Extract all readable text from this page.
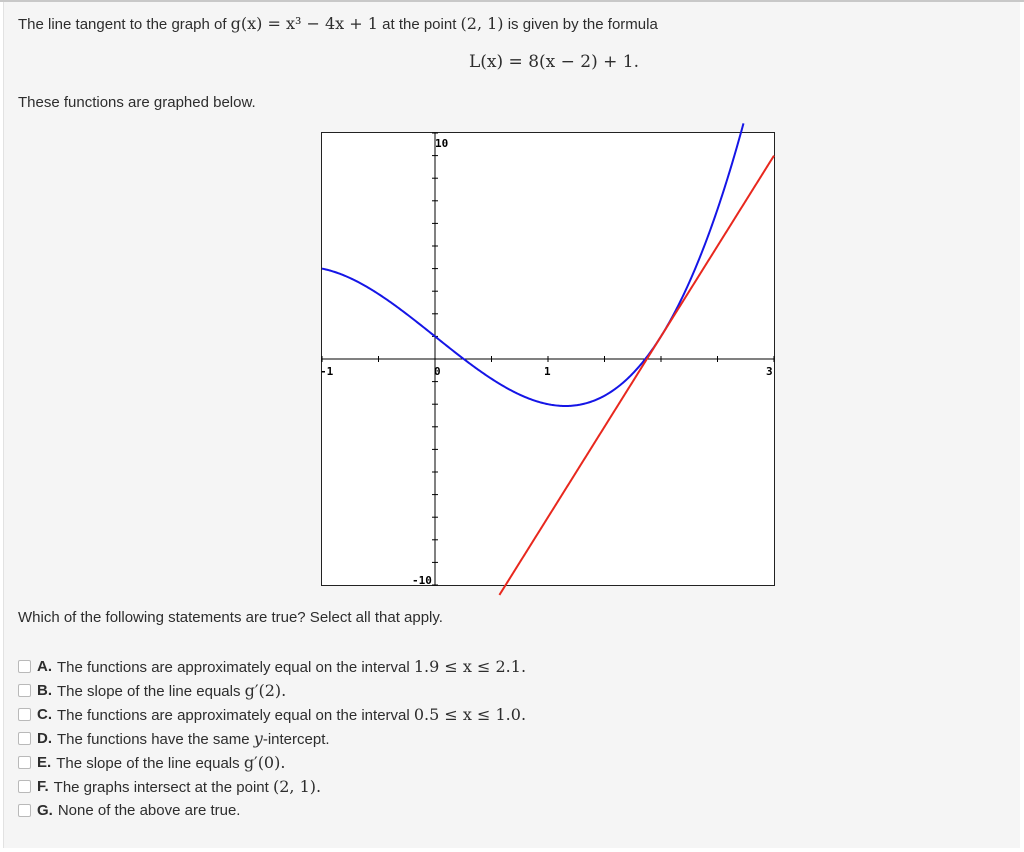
The line tangent to the graph of g(x) = x³ − 4x + 1 at the point (2, 1) is given by the formula
L(x) = 8(x − 2) + 1.
These functions are graphed below.
10
-10
-1	0	1	3
Which of the following statements are true? Select all that apply.
A. The functions are approximately equal on the interval 1.9 ≤ x ≤ 2.1.
B. The slope of the line equals g′(2).
C. The functions are approximately equal on the interval 0.5 ≤ x ≤ 1.0.
D. The functions have the same y-intercept.
E. The slope of the line equals g′(0).
F. The graphs intersect at the point (2, 1).
G. None of the above are true.
